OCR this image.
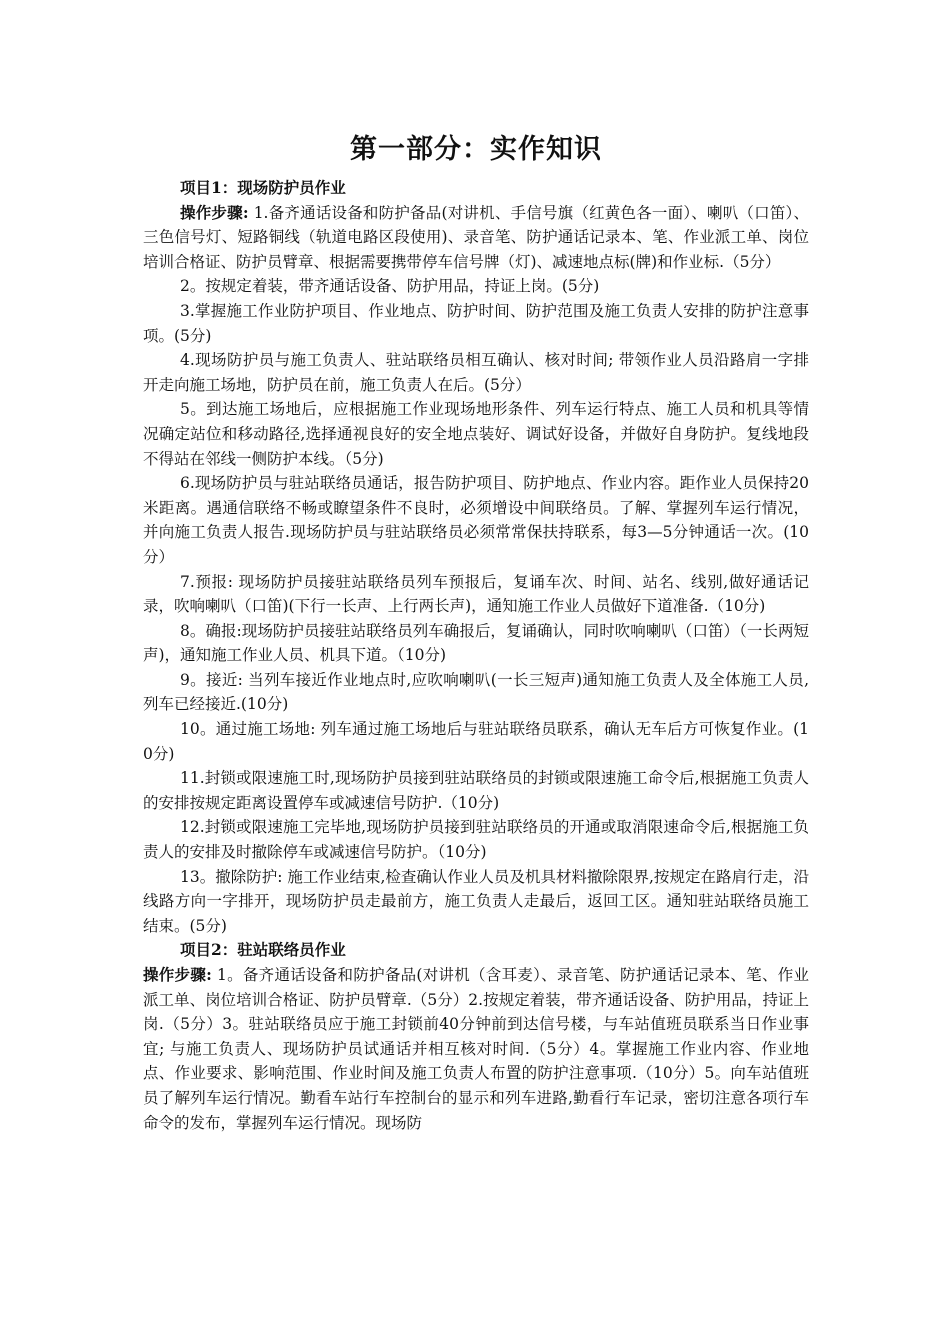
第一部分：实作知识

项目1：现场防护员作业

操作步骤: 1.备齐通话设备和防护备品(对讲机、手信号旗（红黄色各一面）、喇叭（口笛）、三色信号灯、短路铜线（轨道电路区段使用)、录音笔、防护通话记录本、笔、作业派工单、岗位培训合格证、防护员臂章、根据需要携带停车信号牌（灯)、减速地点标(牌)和作业标.（5分）

2。按规定着装，带齐通话设备、防护用品，持证上岗。(5分)

3.掌握施工作业防护项目、作业地点、防护时间、防护范围及施工负责人安排的防护注意事项。(5分)

4.现场防护员与施工负责人、驻站联络员相互确认、核对时间; 带领作业人员沿路肩一字排开走向施工场地，防护员在前，施工负责人在后。(5分）

5。到达施工场地后，应根据施工作业现场地形条件、列车运行特点、施工人员和机具等情况确定站位和移动路径,选择通视良好的安全地点装好、调试好设备，并做好自身防护。复线地段不得站在邻线一侧防护本线。（5分)

6.现场防护员与驻站联络员通话，报告防护项目、防护地点、作业内容。距作业人员保持20米距离。遇通信联络不畅或瞭望条件不良时，必须增设中间联络员。了解、掌握列车运行情况，并向施工负责人报告.现场防护员与驻站联络员必须常常保扶持联系，每3—5分钟通话一次。(10分）

7.预报: 现场防护员接驻站联络员列车预报后，复诵车次、时间、站名、线别,做好通话记录，吹响喇叭（口笛)(下行一长声、上行两长声)，通知施工作业人员做好下道准备.（10分)

8。确报:现场防护员接驻站联络员列车确报后，复诵确认，同时吹响喇叭（口笛）（一长两短声)，通知施工作业人员、机具下道。（10分)

9。接近: 当列车接近作业地点时,应吹响喇叭(一长三短声)通知施工负责人及全体施工人员,列车已经接近.(10分)

10。通过施工场地: 列车通过施工场地后与驻站联络员联系，确认无车后方可恢复作业。(10分)

11.封锁或限速施工时,现场防护员接到驻站联络员的封锁或限速施工命令后,根据施工负责人的安排按规定距离设置停车或减速信号防护.（10分)

12.封锁或限速施工完毕地,现场防护员接到驻站联络员的开通或取消限速命令后,根据施工负责人的安排及时撤除停车或减速信号防护。（10分)

13。撤除防护: 施工作业结束,检查确认作业人员及机具材料撤除限界,按规定在路肩行走，沿线路方向一字排开，现场防护员走最前方，施工负责人走最后，返回工区。通知驻站联络员施工结束。(5分)

项目2：驻站联络员作业

操作步骤: 1。备齐通话设备和防护备品(对讲机（含耳麦）、录音笔、防护通话记录本、笔、作业派工单、岗位培训合格证、防护员臂章.（5分）2.按规定着装，带齐通话设备、防护用品，持证上岗.（5分）3。驻站联络员应于施工封锁前40分钟前到达信号楼，与车站值班员联系当日作业事宜; 与施工负责人、现场防护员试通话并相互核对时间.（5分）4。掌握施工作业内容、作业地点、作业要求、影响范围、作业时间及施工负责人布置的防护注意事项.（10分）5。向车站值班员了解列车运行情况。勤看车站行车控制台的显示和列车进路,勤看行车记录，密切注意各项行车命令的发布，掌握列车运行情况。现场防
